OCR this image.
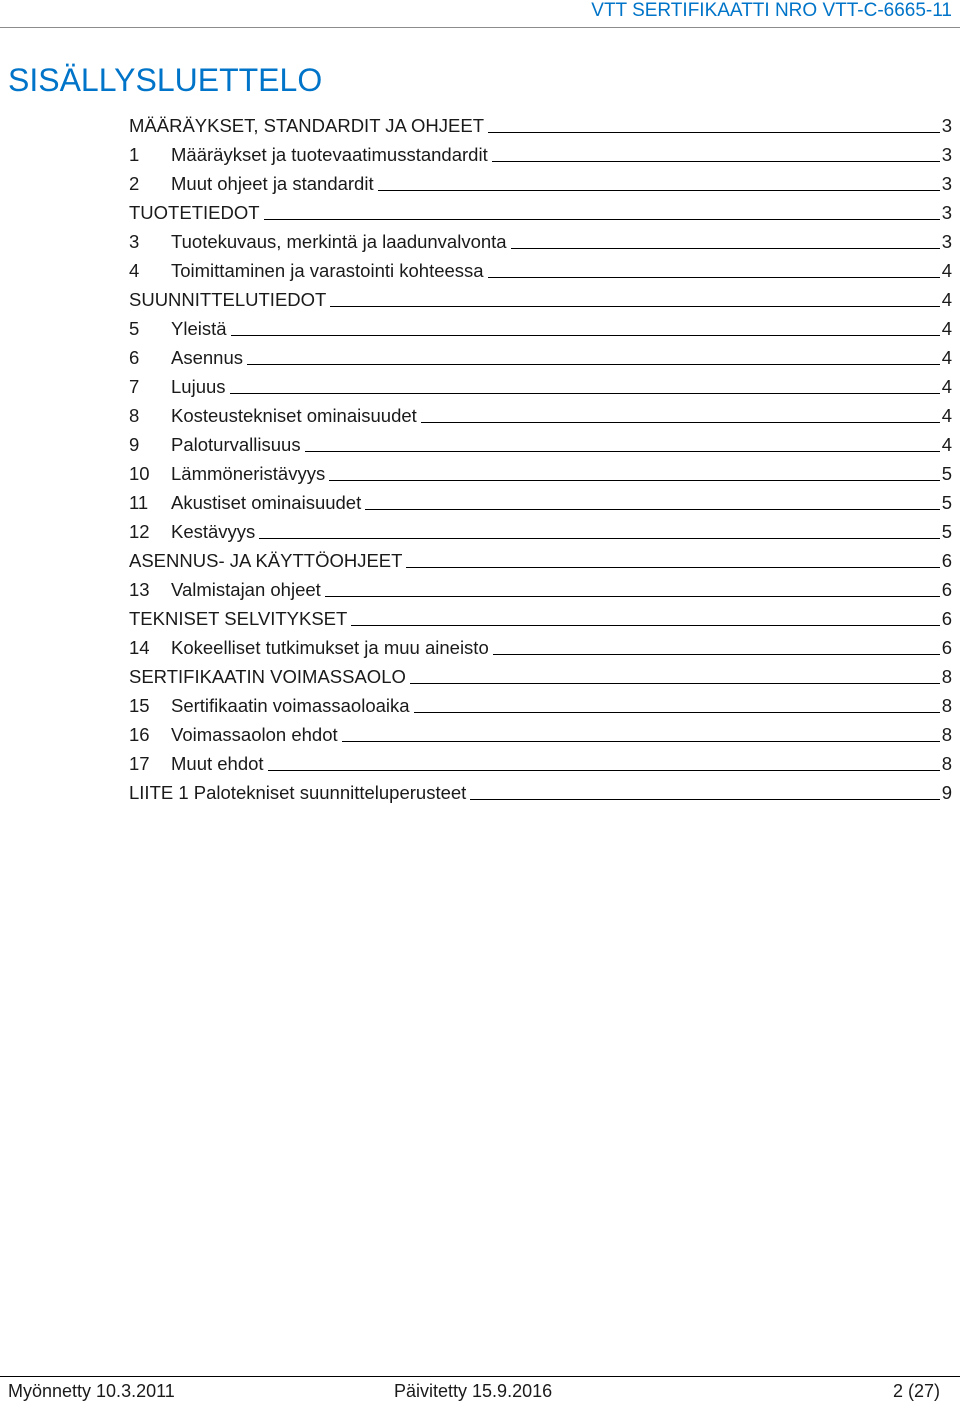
VTT SERTIFIKAATTI NRO VTT-C-6665-11
SISÄLLYSLUETTELO
MÄÄRÄYKSET, STANDARDIT JA OHJEET	3
1	Määräykset ja tuotevaatimusstandardit	3
2	Muut ohjeet ja standardit	3
TUOTETIEDOT	3
3	Tuotekuvaus, merkintä ja laadunvalvonta	3
4	Toimittaminen ja varastointi kohteessa	4
SUUNNITTELUTIEDOT	4
5	Yleistä	4
6	Asennus	4
7	Lujuus	4
8	Kosteustekniset ominaisuudet	4
9	Paloturvallisuus	4
10	Lämmöneristävyys	5
11	Akustiset ominaisuudet	5
12	Kestävyys	5
ASENNUS- JA KÄYTTÖOHJEET	6
13	Valmistajan ohjeet	6
TEKNISET SELVITYKSET	6
14	Kokeelliset tutkimukset ja muu aineisto	6
SERTIFIKAATIN VOIMASSAOLO	8
15	Sertifikaatin voimassaoloaika	8
16	Voimassaolon ehdot	8
17	Muut ehdot	8
LIITE 1 Palotekniset suunnitteluperusteet	9
Myönnetty 10.3.2011	Päivitetty 15.9.2016	2 (27)
